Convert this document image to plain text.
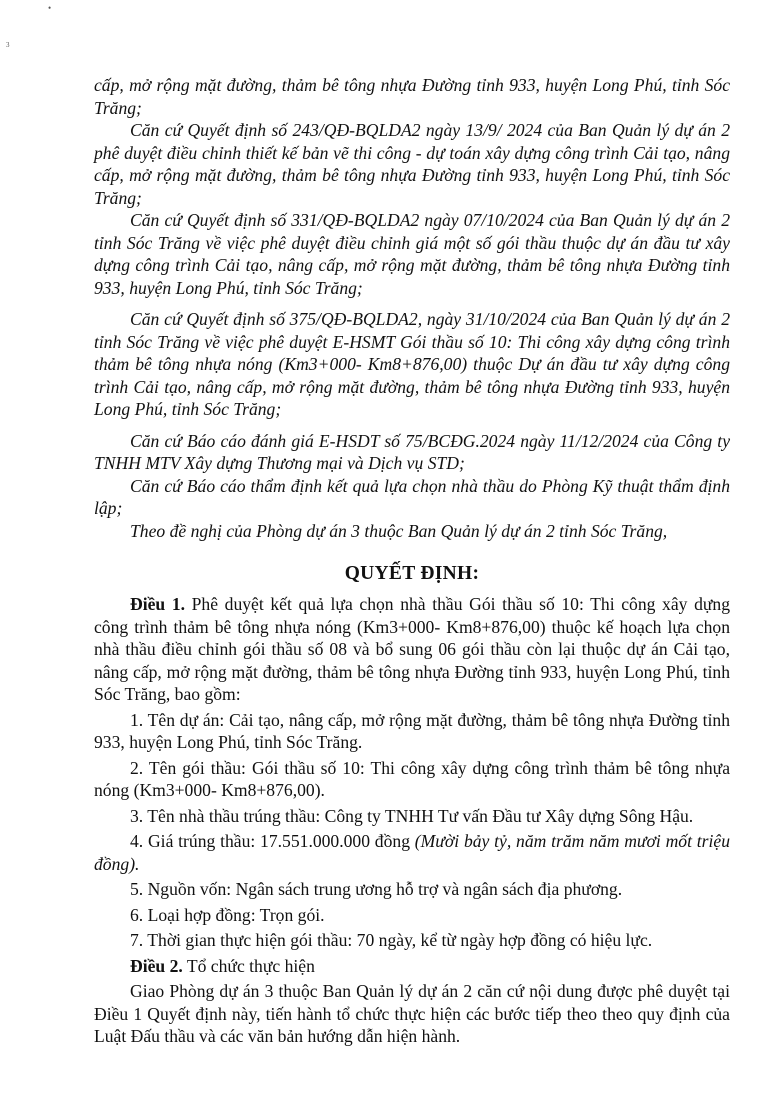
•
3

cấp, mở rộng mặt đường, thảm bê tông nhựa Đường tỉnh 933, huyện Long Phú, tỉnh Sóc Trăng;

Căn cứ Quyết định số 243/QĐ-BQLDA2 ngày 13/9/ 2024 của Ban Quản lý dự án 2 phê duyệt điều chỉnh thiết kế bản vẽ thi công - dự toán xây dựng công trình Cải tạo, nâng cấp, mở rộng mặt đường, thảm bê tông nhựa Đường tỉnh 933, huyện Long Phú, tỉnh Sóc Trăng;

Căn cứ Quyết định số 331/QĐ-BQLDA2 ngày 07/10/2024 của Ban Quản lý dự án 2 tỉnh Sóc Trăng về việc phê duyệt điều chỉnh giá một số gói thầu thuộc dự án đầu tư xây dựng công trình Cải tạo, nâng cấp, mở rộng mặt đường, thảm bê tông nhựa Đường tỉnh 933, huyện Long Phú, tỉnh Sóc Trăng;

Căn cứ Quyết định số 375/QĐ-BQLDA2, ngày 31/10/2024 của Ban Quản lý dự án 2 tỉnh Sóc Trăng về việc phê duyệt E-HSMT Gói thầu số 10: Thi công xây dựng công trình thảm bê tông nhựa nóng (Km3+000- Km8+876,00) thuộc Dự án đầu tư xây dựng công trình Cải tạo, nâng cấp, mở rộng mặt đường, thảm bê tông nhựa Đường tỉnh 933, huyện Long Phú, tỉnh Sóc Trăng;

Căn cứ Báo cáo đánh giá E-HSDT số 75/BCĐG.2024 ngày 11/12/2024 của Công ty TNHH MTV Xây dựng Thương mại và Dịch vụ STD;

Căn cứ Báo cáo thẩm định kết quả lựa chọn nhà thầu do Phòng Kỹ thuật thẩm định lập;

Theo đề nghị của Phòng dự án 3 thuộc Ban Quản lý dự án 2 tỉnh Sóc Trăng,

QUYẾT ĐỊNH:

Điều 1. Phê duyệt kết quả lựa chọn nhà thầu Gói thầu số 10: Thi công xây dựng công trình thảm bê tông nhựa nóng (Km3+000- Km8+876,00) thuộc kế hoạch lựa chọn nhà thầu điều chỉnh gói thầu số 08 và bổ sung 06 gói thầu còn lại thuộc dự án Cải tạo, nâng cấp, mở rộng mặt đường, thảm bê tông nhựa Đường tỉnh 933, huyện Long Phú, tỉnh Sóc Trăng, bao gồm:

1. Tên dự án: Cải tạo, nâng cấp, mở rộng mặt đường, thảm bê tông nhựa Đường tỉnh 933, huyện Long Phú, tỉnh Sóc Trăng.

2. Tên gói thầu: Gói thầu số 10: Thi công xây dựng công trình thảm bê tông nhựa nóng (Km3+000- Km8+876,00).

3. Tên nhà thầu trúng thầu: Công ty TNHH Tư vấn Đầu tư Xây dựng Sông Hậu.

4. Giá trúng thầu: 17.551.000.000 đồng (Mười bảy tỷ, năm trăm năm mươi mốt triệu đồng).

5. Nguồn vốn: Ngân sách trung ương hỗ trợ và ngân sách địa phương.

6. Loại hợp đồng: Trọn gói.

7. Thời gian thực hiện gói thầu: 70 ngày, kể từ ngày hợp đồng có hiệu lực.

Điều 2. Tổ chức thực hiện

Giao Phòng dự án 3 thuộc Ban Quản lý dự án 2 căn cứ nội dung được phê duyệt tại Điều 1 Quyết định này, tiến hành tổ chức thực hiện các bước tiếp theo theo quy định của Luật Đấu thầu và các văn bản hướng dẫn hiện hành.
